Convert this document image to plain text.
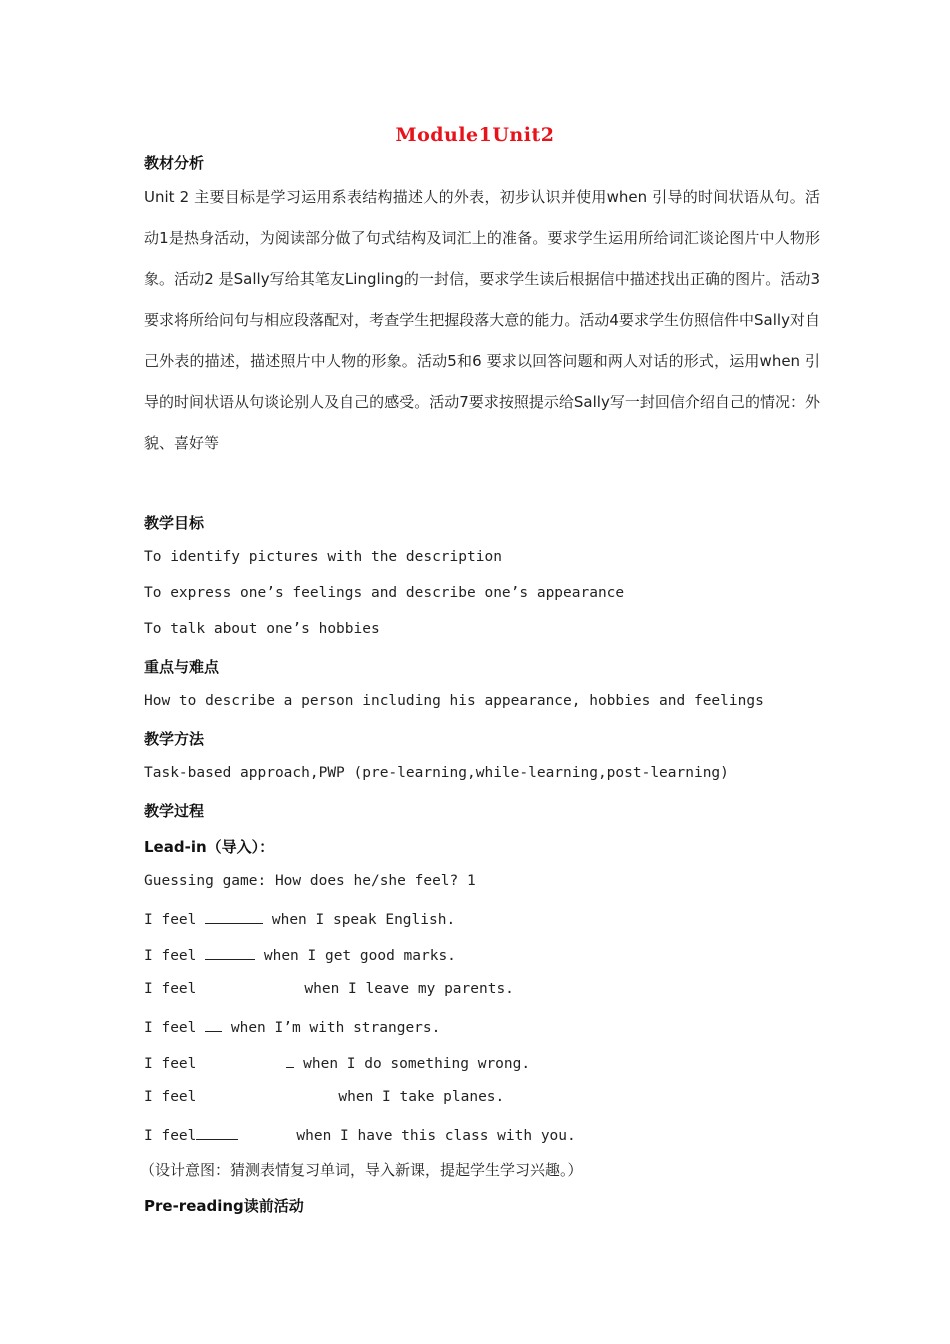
Module1Unit2
教材分析
Unit 2 主要目标是学习运用系表结构描述人的外表，初步认识并使用when 引导的时间状语从句。活动1是热身活动，为阅读部分做了句式结构及词汇上的准备。要求学生运用所给词汇谈论图片中人物形象。活动2 是Sally写给其笔友Lingling的一封信，要求学生读后根据信中描述找出正确的图片。活动3要求将所给问句与相应段落配对，考查学生把握段落大意的能力。活动4要求学生仿照信件中Sally对自己外表的描述，描述照片中人物的形象。活动5和6 要求以回答问题和两人对话的形式，运用when 引导的时间状语从句谈论别人及自己的感受。活动7要求按照提示给Sally写一封回信介绍自己的情况：外貌、喜好等
教学目标
To identify pictures with the description
To express one’s feelings and describe one’s appearance
To talk about one’s hobbies
重点与难点
How to describe a person including his appearance, hobbies and feelings
教学方法
Task-based approach,PWP (pre-learning,while-learning,post-learning)
教学过程
Lead-in（导入）：
Guessing game: How does he/she feel? 1
I feel	when I speak English.
I feel	when I get good marks.
I feel	when I leave my parents.
I feel when I’m with strangers.
I feel	when I do something wrong.
I feel	when I take planes.
I feel	when I have this class with you.
（设计意图：猜测表情复习单词，导入新课，提起学生学习兴趣。）
Pre-reading读前活动
